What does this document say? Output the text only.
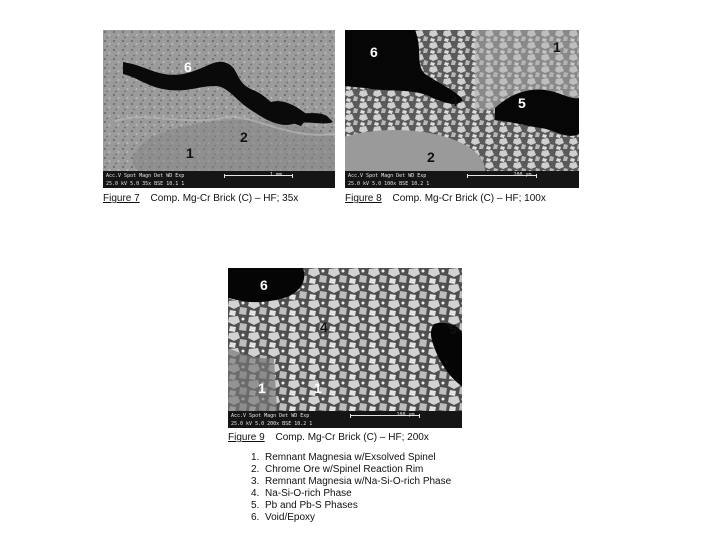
Acc.V Spot Magn Det WD Exp
25.0 kV 5.0 35x BSE 10.1 1
1 mm
6
2
1
Figure 7 Comp. Mg-Cr Brick (C) – HF; 35x
Acc.V Spot Magn Det WD Exp
25.0 kV 5.0 100x BSE 10.2 1
200 µm
6	1
4	5
2
Figure 8 Comp. Mg-Cr Brick (C) – HF; 100x
Acc.V Spot Magn Det WD Exp
25.0 kV 5.0 200x BSE 10.2 1
100 µm
6
4	5
1	1
Figure 9 Comp. Mg-Cr Brick (C) – HF; 200x
1. Remnant Magnesia w/Exsolved Spinel
2. Chrome Ore w/Spinel Reaction Rim
3. Remnant Magnesia w/Na-Si-O-rich Phase
4. Na-Si-O-rich Phase
5. Pb and Pb-S Phases
6. Void/Epoxy
